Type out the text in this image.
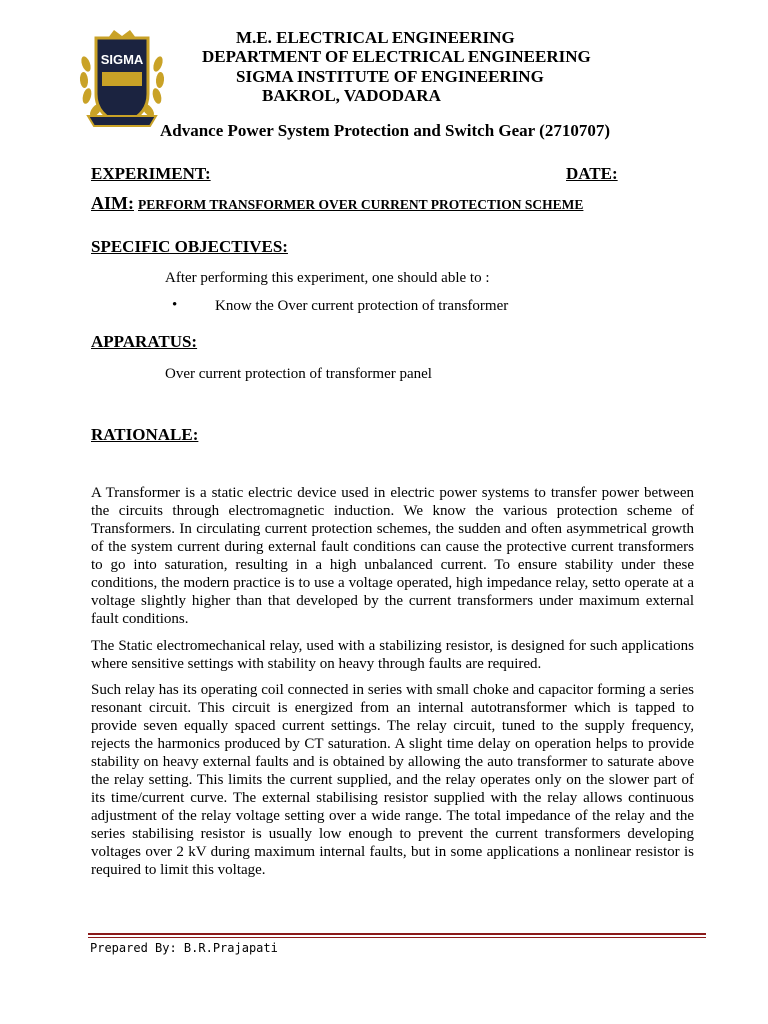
SIGMA
M.E. ELECTRICAL ENGINEERING
DEPARTMENT OF ELECTRICAL ENGINEERING
SIGMA INSTITUTE OF ENGINEERING
BAKROL, VADODARA
Advance Power System Protection and Switch Gear (2710707)
EXPERIMENT:	DATE:
AIM: PERFORM TRANSFORMER OVER CURRENT PROTECTION SCHEME
SPECIFIC OBJECTIVES:
After performing this experiment, one should able to :
•	Know the Over current protection of transformer
APPARATUS:
Over current protection of transformer panel
RATIONALE:
A Transformer is a static electric device used in electric power systems to transfer power between the circuits through electromagnetic induction. We know the various protection scheme of Transformers. In circulating current protection schemes, the sudden and often asymmetrical growth of the system current during external fault conditions can cause the protective current transformers to go into saturation, resulting in a high unbalanced current. To ensure stability under these conditions, the modern practice is to use a voltage operated, high impedance relay, setto operate at a voltage slightly higher than that developed by the current transformers under maximum external fault conditions.
The Static electromechanical relay, used with a stabilizing resistor, is designed for such applications where sensitive settings with stability on heavy through faults are required.
Such relay has its operating coil connected in series with small choke and capacitor forming a series resonant circuit. This circuit is energized from an internal autotransformer which is tapped to provide seven equally spaced current settings. The relay circuit, tuned to the supply frequency, rejects the harmonics produced by CT saturation. A slight time delay on operation helps to provide stability on heavy external faults and is obtained by allowing the auto transformer to saturate above the relay setting. This limits the current supplied, and the relay operates only on the slower part of its time/current curve. The external stabilising resistor supplied with the relay allows continuous adjustment of the relay voltage setting over a wide range. The total impedance of the relay and the series stabilising resistor is usually low enough to prevent the current transformers developing voltages over 2 kV during maximum internal faults, but in some applications a nonlinear resistor is required to limit this voltage.
Prepared By: B.R.Prajapati
